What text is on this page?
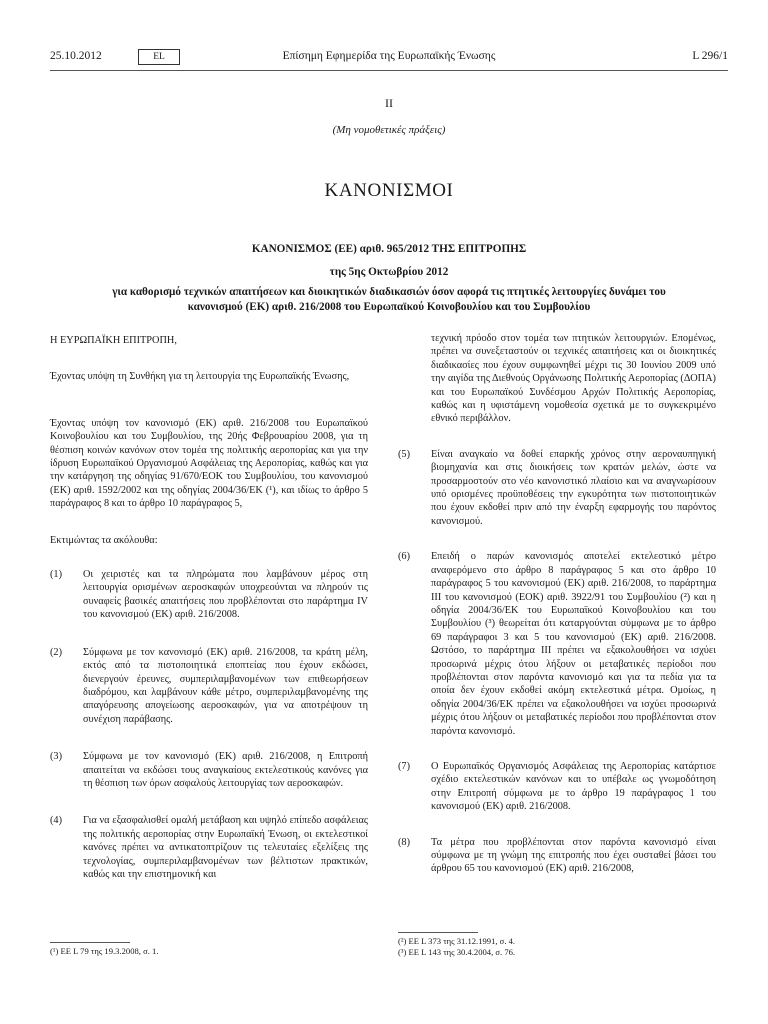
25.10.2012	EL	Επίσημη Εφημερίδα της Ευρωπαϊκής Ένωσης	L 296/1
II
(Μη νομοθετικές πράξεις)
ΚΑΝΟΝΙΣΜΟΙ
ΚΑΝΟΝΙΣΜΟΣ (ΕΕ) αριθ. 965/2012 ΤΗΣ ΕΠΙΤΡΟΠΗΣ
της 5ης Οκτωβρίου 2012
για καθορισμό τεχνικών απαιτήσεων και διοικητικών διαδικασιών όσον αφορά τις πτητικές λειτουργίες δυνάμει του κανονισμού (ΕΚ) αριθ. 216/2008 του Ευρωπαϊκού Κοινοβουλίου και του Συμβουλίου

Η ΕΥΡΩΠΑΪΚΗ ΕΠΙΤΡΟΠΗ,

Έχοντας υπόψη τη Συνθήκη για τη λειτουργία της Ευρωπαϊκής Ένωσης,

Έχοντας υπόψη τον κανονισμό (ΕΚ) αριθ. 216/2008 του Ευρωπαϊκού Κοινοβουλίου και του Συμβουλίου, της 20ής Φεβρουαρίου 2008, για τη θέσπιση κοινών κανόνων στον τομέα της πολιτικής αεροπορίας και για την ίδρυση Ευρωπαϊκού Οργανισμού Ασφάλειας της Αεροπορίας, καθώς και για την κατάργηση της οδηγίας 91/670/ΕΟΚ του Συμβουλίου, του κανονισμού (ΕΚ) αριθ. 1592/2002 και της οδηγίας 2004/36/ΕΚ (¹), και ιδίως το άρθρο 5 παράγραφος 8 και το άρθρο 10 παράγραφος 5,

Εκτιμώντας τα ακόλουθα:

(1) Οι χειριστές και τα πληρώματα που λαμβάνουν μέρος στη λειτουργία ορισμένων αεροσκαφών υποχρεούνται να πληρούν τις συναφείς βασικές απαιτήσεις που προβλέπονται στο παράρτημα IV του κανονισμού (ΕΚ) αριθ. 216/2008.
(2) Σύμφωνα με τον κανονισμό (ΕΚ) αριθ. 216/2008, τα κράτη μέλη, εκτός από τα πιστοποιητικά εποπτείας που έχουν εκδώσει, διενεργούν έρευνες, συμπεριλαμβανομένων των επιθεωρήσεων διαδρόμου, και λαμβάνουν κάθε μέτρο, συμπεριλαμβανομένης της απαγόρευσης απογείωσης αεροσκαφών, για να αποτρέψουν τη συνέχιση παράβασης.
(3) Σύμφωνα με τον κανονισμό (ΕΚ) αριθ. 216/2008, η Επιτροπή απαιτείται να εκδώσει τους αναγκαίους εκτελεστικούς κανόνες για τη θέσπιση των όρων ασφαλούς λειτουργίας των αεροσκαφών.
(4) Για να εξασφαλισθεί ομαλή μετάβαση και υψηλό επίπεδο ασφάλειας της πολιτικής αεροπορίας στην Ευρωπαϊκή Ένωση, οι εκτελεστικοί κανόνες πρέπει να αντικατοπτρίζουν τις τελευταίες εξελίξεις της τεχνολογίας, συμπεριλαμβανομένων των βέλτιστων πρακτικών, καθώς και την επιστημονική και
(¹) ΕΕ L 79 της 19.3.2008, σ. 1.

τεχνική πρόοδο στον τομέα των πτητικών λειτουργιών. Επομένως, πρέπει να συνεξεταστούν οι τεχνικές απαιτήσεις και οι διοικητικές διαδικασίες που έχουν συμφωνηθεί μέχρι τις 30 Ιουνίου 2009 υπό την αιγίδα της Διεθνούς Οργάνωσης Πολιτικής Αεροπορίας (ΔΟΠΑ) και του Ευρωπαϊκού Συνδέσμου Αρχών Πολιτικής Αεροπορίας, καθώς και η υφιστάμενη νομοθεσία σχετικά με το συγκεκριμένο εθνικό περιβάλλον.

(5) Είναι αναγκαίο να δοθεί επαρκής χρόνος στην αεροναυπηγική βιομηχανία και στις διοικήσεις των κρατών μελών, ώστε να προσαρμοστούν στο νέο κανονιστικό πλαίσιο και να αναγνωρίσουν υπό ορισμένες προϋποθέσεις την εγκυρότητα των πιστοποιητικών που έχουν εκδοθεί πριν από την έναρξη εφαρμογής του παρόντος κανονισμού.
(6) Επειδή ο παρών κανονισμός αποτελεί εκτελεστικό μέτρο αναφερόμενο στο άρθρο 8 παράγραφος 5 και στο άρθρο 10 παράγραφος 5 του κανονισμού (ΕΚ) αριθ. 216/2008, το παράρτημα III του κανονισμού (ΕΟΚ) αριθ. 3922/91 του Συμβουλίου (²) και η οδηγία 2004/36/ΕΚ του Ευρωπαϊκού Κοινοβουλίου και του Συμβουλίου (³) θεωρείται ότι καταργούνται σύμφωνα με το άρθρο 69 παράγραφοι 3 και 5 του κανονισμού (ΕΚ) αριθ. 216/2008. Ωστόσο, το παράρτημα III πρέπει να εξακολουθήσει να ισχύει προσωρινά μέχρις ότου λήξουν οι μεταβατικές περίοδοι που προβλέπονται στον παρόντα κανονισμό και για τα πεδία για τα οποία δεν έχουν εκδοθεί ακόμη εκτελεστικά μέτρα. Ομοίως, η οδηγία 2004/36/ΕΚ πρέπει να εξακολουθήσει να ισχύει προσωρινά μέχρις ότου λήξουν οι μεταβατικές περίοδοι που προβλέπονται στον παρόντα κανονισμό.
(7) Ο Ευρωπαϊκός Οργανισμός Ασφάλειας της Αεροπορίας κατάρτισε σχέδιο εκτελεστικών κανόνων και το υπέβαλε ως γνωμοδότηση στην Επιτροπή σύμφωνα με το άρθρο 19 παράγραφος 1 του κανονισμού (ΕΚ) αριθ. 216/2008.
(8) Τα μέτρα που προβλέπονται στον παρόντα κανονισμό είναι σύμφωνα με τη γνώμη της επιτροπής που έχει συσταθεί βάσει του άρθρου 65 του κανονισμού (ΕΚ) αριθ. 216/2008,
(²) ΕΕ L 373 της 31.12.1991, σ. 4.
(³) ΕΕ L 143 της 30.4.2004, σ. 76.
